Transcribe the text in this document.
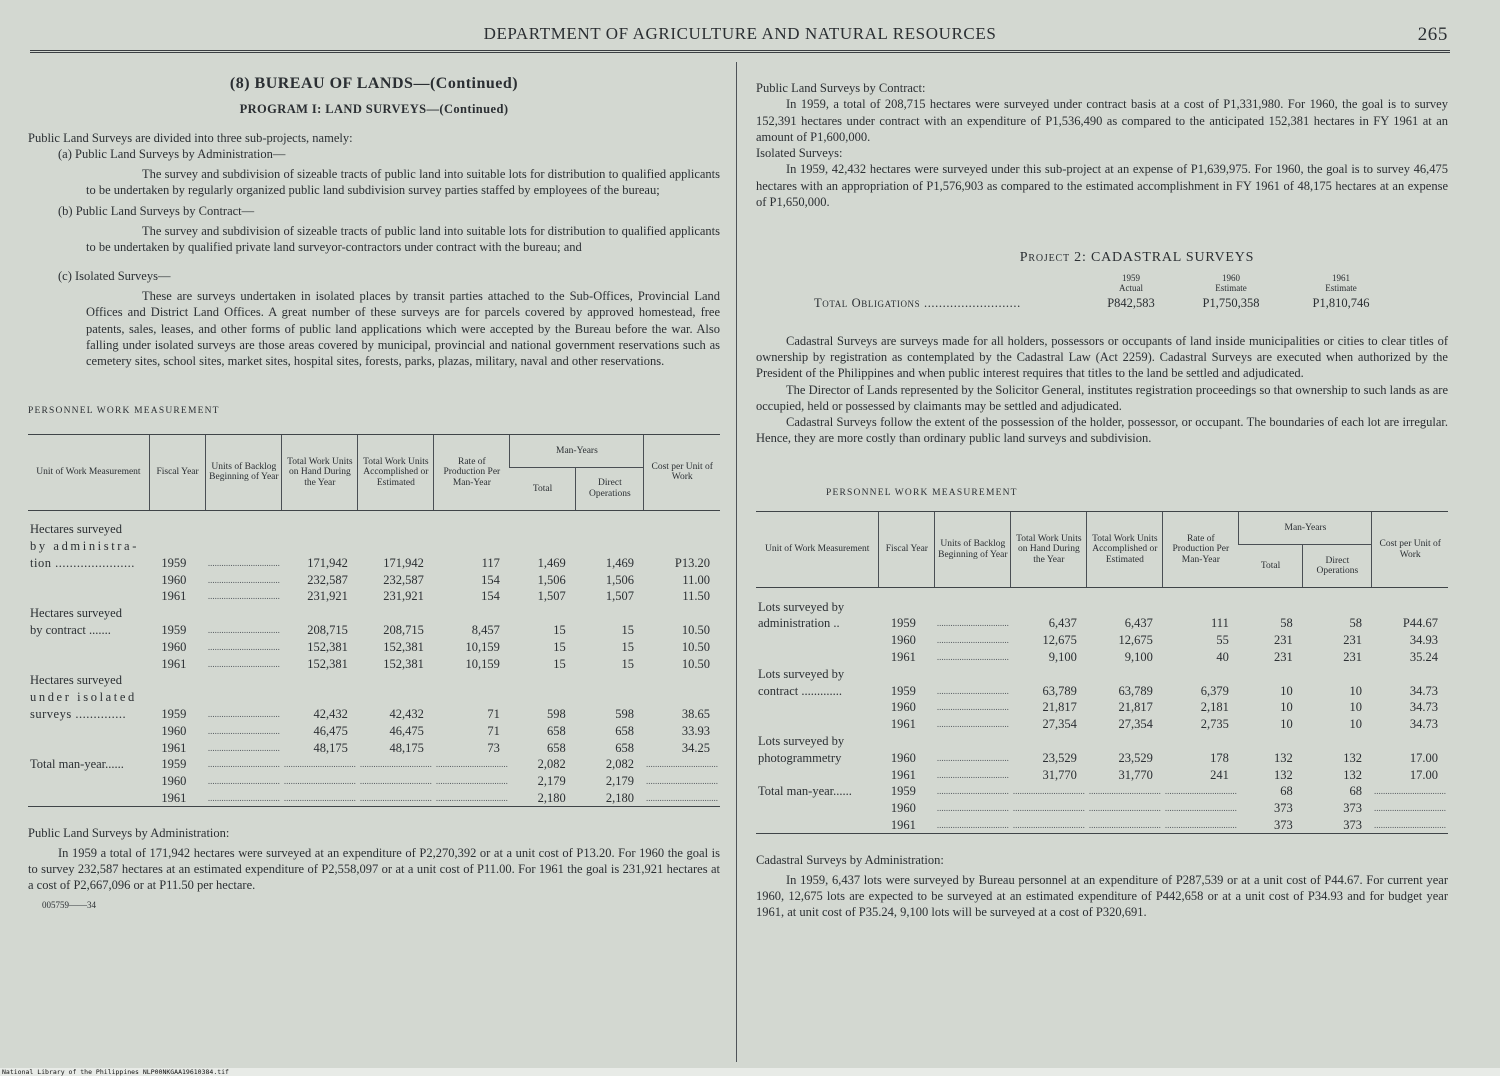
DEPARTMENT OF AGRICULTURE AND NATURAL RESOURCES	265
(8) BUREAU OF LANDS—(Continued)
PROGRAM I: LAND SURVEYS—(Continued)

Public Land Surveys are divided into three sub-projects, namely:

(a) Public Land Surveys by Administration—

The survey and subdivision of sizeable tracts of public land into suitable lots for distribution to qualified applicants to be undertaken by regularly organized public land subdivision survey parties staffed by employees of the bureau;

(b) Public Land Surveys by Contract—

The survey and subdivision of sizeable tracts of public land into suitable lots for distribution to qualified applicants to be undertaken by qualified private land surveyor-contractors under contract with the bureau; and

(c) Isolated Surveys—

These are surveys undertaken in isolated places by transit parties attached to the Sub-Offices, Provincial Land Offices and District Land Offices. A great number of these surveys are for parcels covered by approved homestead, free patents, sales, leases, and other forms of public land applications which were accepted by the Bureau before the war. Also falling under isolated surveys are those areas covered by municipal, provincial and national government reservations such as cemetery sites, school sites, market sites, hospital sites, forests, parks, plazas, military, naval and other reservations.

PERSONNEL WORK MEASUREMENT

Unit of Work Measurement	Fiscal Year	Units of Backlog Beginning of Year	Total Work Units on Hand During the Year	Total Work Units Accomplished or Estimated	Rate of Production Per Man-Year	Man-Years		Cost per Unit of Work
						Total	Direct Operations	

Hectares surveyed								
by administra-								
tion ......................	1959	................................	171,942	171,942	117	1,469	1,469	P13.20
	1960	................................	232,587	232,587	154	1,506	1,506	11.00
	1961	................................	231,921	231,921	154	1,507	1,507	11.50
Hectares surveyed								
by contract .......	1959	................................	208,715	208,715	8,457	15	15	10.50
	1960	................................	152,381	152,381	10,159	15	15	10.50
	1961	................................	152,381	152,381	10,159	15	15	10.50
Hectares surveyed								
under isolated								
surveys ..............	1959	................................	42,432	42,432	71	598	598	38.65
	1960	................................	46,475	46,475	71	658	658	33.93
	1961	................................	48,175	48,175	73	658	658	34.25
Total man-year......	1959	................................	................................	................................	................................	2,082	2,082	................................
	1960	................................	................................	................................	................................	2,179	2,179	................................
	1961	................................	................................	................................	................................	2,180	2,180	................................

Public Land Surveys by Administration:

In 1959 a total of 171,942 hectares were surveyed at an expenditure of P2,270,392 or at a unit cost of P13.20. For 1960 the goal is to survey 232,587 hectares at an estimated expenditure of P2,558,097 or at a unit cost of P11.00. For 1961 the goal is 231,921 hectares at a cost of P2,667,096 or at P11.50 per hectare.

005759——34

Public Land Surveys by Contract:

In 1959, a total of 208,715 hectares were surveyed under contract basis at a cost of P1,331,980. For 1960, the goal is to survey 152,391 hectares under contract with an expenditure of P1,536,490 as compared to the anticipated 152,381 hectares in FY 1961 at an amount of P1,600,000.

Isolated Surveys:

In 1959, 42,432 hectares were surveyed under this sub-project at an expense of P1,639,975. For 1960, the goal is to survey 46,475 hectares with an appropriation of P1,576,903 as compared to the estimated accomplishment in FY 1961 of 48,175 hectares at an expense of P1,650,000.

Project 2: CADASTRAL SURVEYS
1959
Actual
1960
Estimate
1961
Estimate
Total Obligations ..........................	P842,583	P1,750,358	P1,810,746

Cadastral Surveys are surveys made for all holders, possessors or occupants of land inside municipalities or cities to clear titles of ownership by registration as contemplated by the Cadastral Law (Act 2259). Cadastral Surveys are executed when authorized by the President of the Philippines and when public interest requires that titles to the land be settled and adjudicated.

The Director of Lands represented by the Solicitor General, institutes registration proceedings so that ownership to such lands as are occupied, held or possessed by claimants may be settled and adjudicated.

Cadastral Surveys follow the extent of the possession of the holder, possessor, or occupant. The boundaries of each lot are irregular. Hence, they are more costly than ordinary public land surveys and subdivision.

PERSONNEL WORK MEASUREMENT

Unit of Work Measurement	Fiscal Year	Units of Backlog Beginning of Year	Total Work Units on Hand During the Year	Total Work Units Accomplished or Estimated	Rate of Production Per Man-Year	Man-Years		Cost per Unit of Work
						Total	Direct Operations	

Lots surveyed by								
administration ..	1959	................................	6,437	6,437	111	58	58	P44.67
	1960	................................	12,675	12,675	55	231	231	34.93
	1961	................................	9,100	9,100	40	231	231	35.24
Lots surveyed by								
contract .............	1959	................................	63,789	63,789	6,379	10	10	34.73
	1960	................................	21,817	21,817	2,181	10	10	34.73
	1961	................................	27,354	27,354	2,735	10	10	34.73
Lots surveyed by								
photogrammetry	1960	................................	23,529	23,529	178	132	132	17.00
	1961	................................	31,770	31,770	241	132	132	17.00
Total man-year......	1959	................................	................................	................................	................................	68	68	................................
	1960	................................	................................	................................	................................	373	373	................................
	1961	................................	................................	................................	................................	373	373	................................

Cadastral Surveys by Administration:

In 1959, 6,437 lots were surveyed by Bureau personnel at an expenditure of P287,539 or at a unit cost of P44.67. For current year 1960, 12,675 lots are expected to be surveyed at an estimated expenditure of P442,658 or at a unit cost of P34.93 and for budget year 1961, at unit cost of P35.24, 9,100 lots will be surveyed at a cost of P320,691.

National Library of the Philippines NLP00NKGAA19610384.tif
